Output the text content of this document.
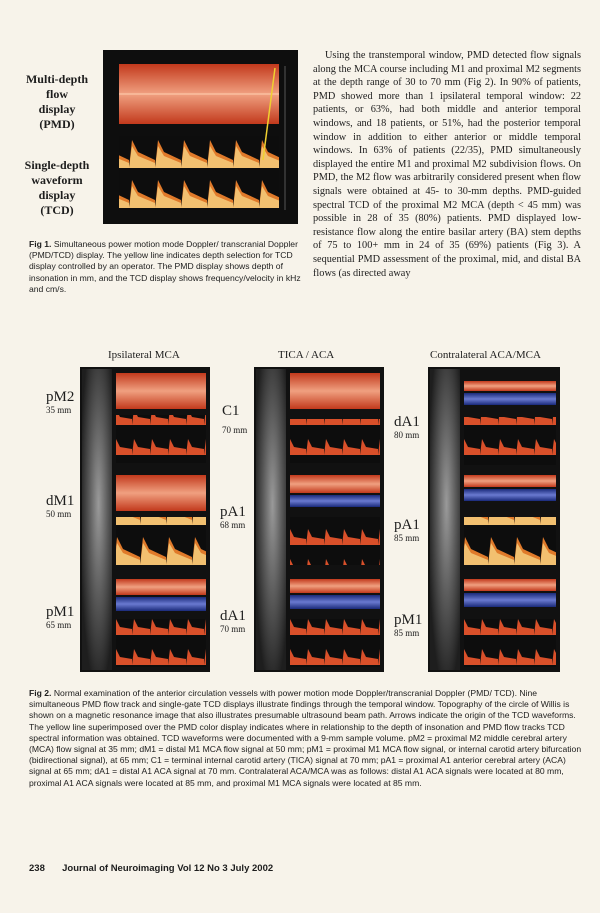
Multi-depth
flow
display
(PMD)
Single-depth
waveform
display
(TCD)
Fig 1. Simultaneous power motion mode Doppler/ transcranial Doppler (PMD/TCD) display. The yellow line indicates depth selection for TCD display controlled by an operator. The PMD display shows depth of insonation in mm, and the TCD display shows frequency/velocity in kHz and cm/s.
Using the transtemporal window, PMD detected flow signals along the MCA course including M1 and proximal M2 segments at the depth range of 30 to 70 mm (Fig 2). In 90% of patients, PMD showed more than 1 ipsilateral temporal window: 22 patients, or 63%, had both middle and anterior temporal windows, and 18 patients, or 51%, had the posterior temporal window in addition to either anterior or middle temporal windows. In 63% of patients (22/35), PMD simultaneously displayed the entire M1 and proximal M2 subdivision flows. On PMD, the M2 flow was arbitrarily considered present when flow signals were obtained at 45- to 30-mm depths. PMD-guided spectral TCD of the proximal M2 MCA (depth < 45 mm) was possible in 28 of 35 (80%) patients. PMD displayed low-resistance flow along the entire basilar artery (BA) stem depths of 75 to 100+ mm in 24 of 35 (69%) patients (Fig 3). A sequential PMD assessment of the proximal, mid, and distal BA flows (as directed away
Ipsilateral MCA	TICA / ACA	Contralateral ACA/MCA
pM2
35 mm
dM1
50 mm
pM1
65 mm
C1
70 mm
pA1
68 mm
dA1
70 mm
dA1
80 mm
pA1
85 mm
pM1
85 mm
Fig 2. Normal examination of the anterior circulation vessels with power motion mode Doppler/transcranial Doppler (PMD/ TCD). Nine simultaneous PMD flow track and single-gate TCD displays illustrate findings through the temporal window. Topography of the circle of Willis is shown on a magnetic resonance image that also illustrates presumable ultrasound beam path. Arrows indicate the origin of the TCD waveforms. The yellow line superimposed over the PMD color display indicates where in relationship to the depth of insonation and PMD flow tracks TCD spectral information was obtained. TCD waveforms were documented with a 9-mm sample volume. pM2 = proximal M2 middle cerebral artery (MCA) flow signal at 35 mm; dM1 = distal M1 MCA flow signal at 50 mm; pM1 = proximal M1 MCA flow signal, or internal carotid artery bifurcation (bidirectional signal), at 65 mm; C1 = terminal internal carotid artery (TICA) signal at 70 mm; pA1 = proximal A1 anterior cerebral artery (ACA) signal at 65 mm; dA1 = distal A1 ACA signal at 70 mm. Contralateral ACA/MCA was as follows: distal A1 ACA signals were located at 80 mm, proximal A1 ACA signals were located at 85 mm, and proximal M1 MCA signals were located at 85 mm.
238 Journal of Neuroimaging Vol 12 No 3 July 2002
